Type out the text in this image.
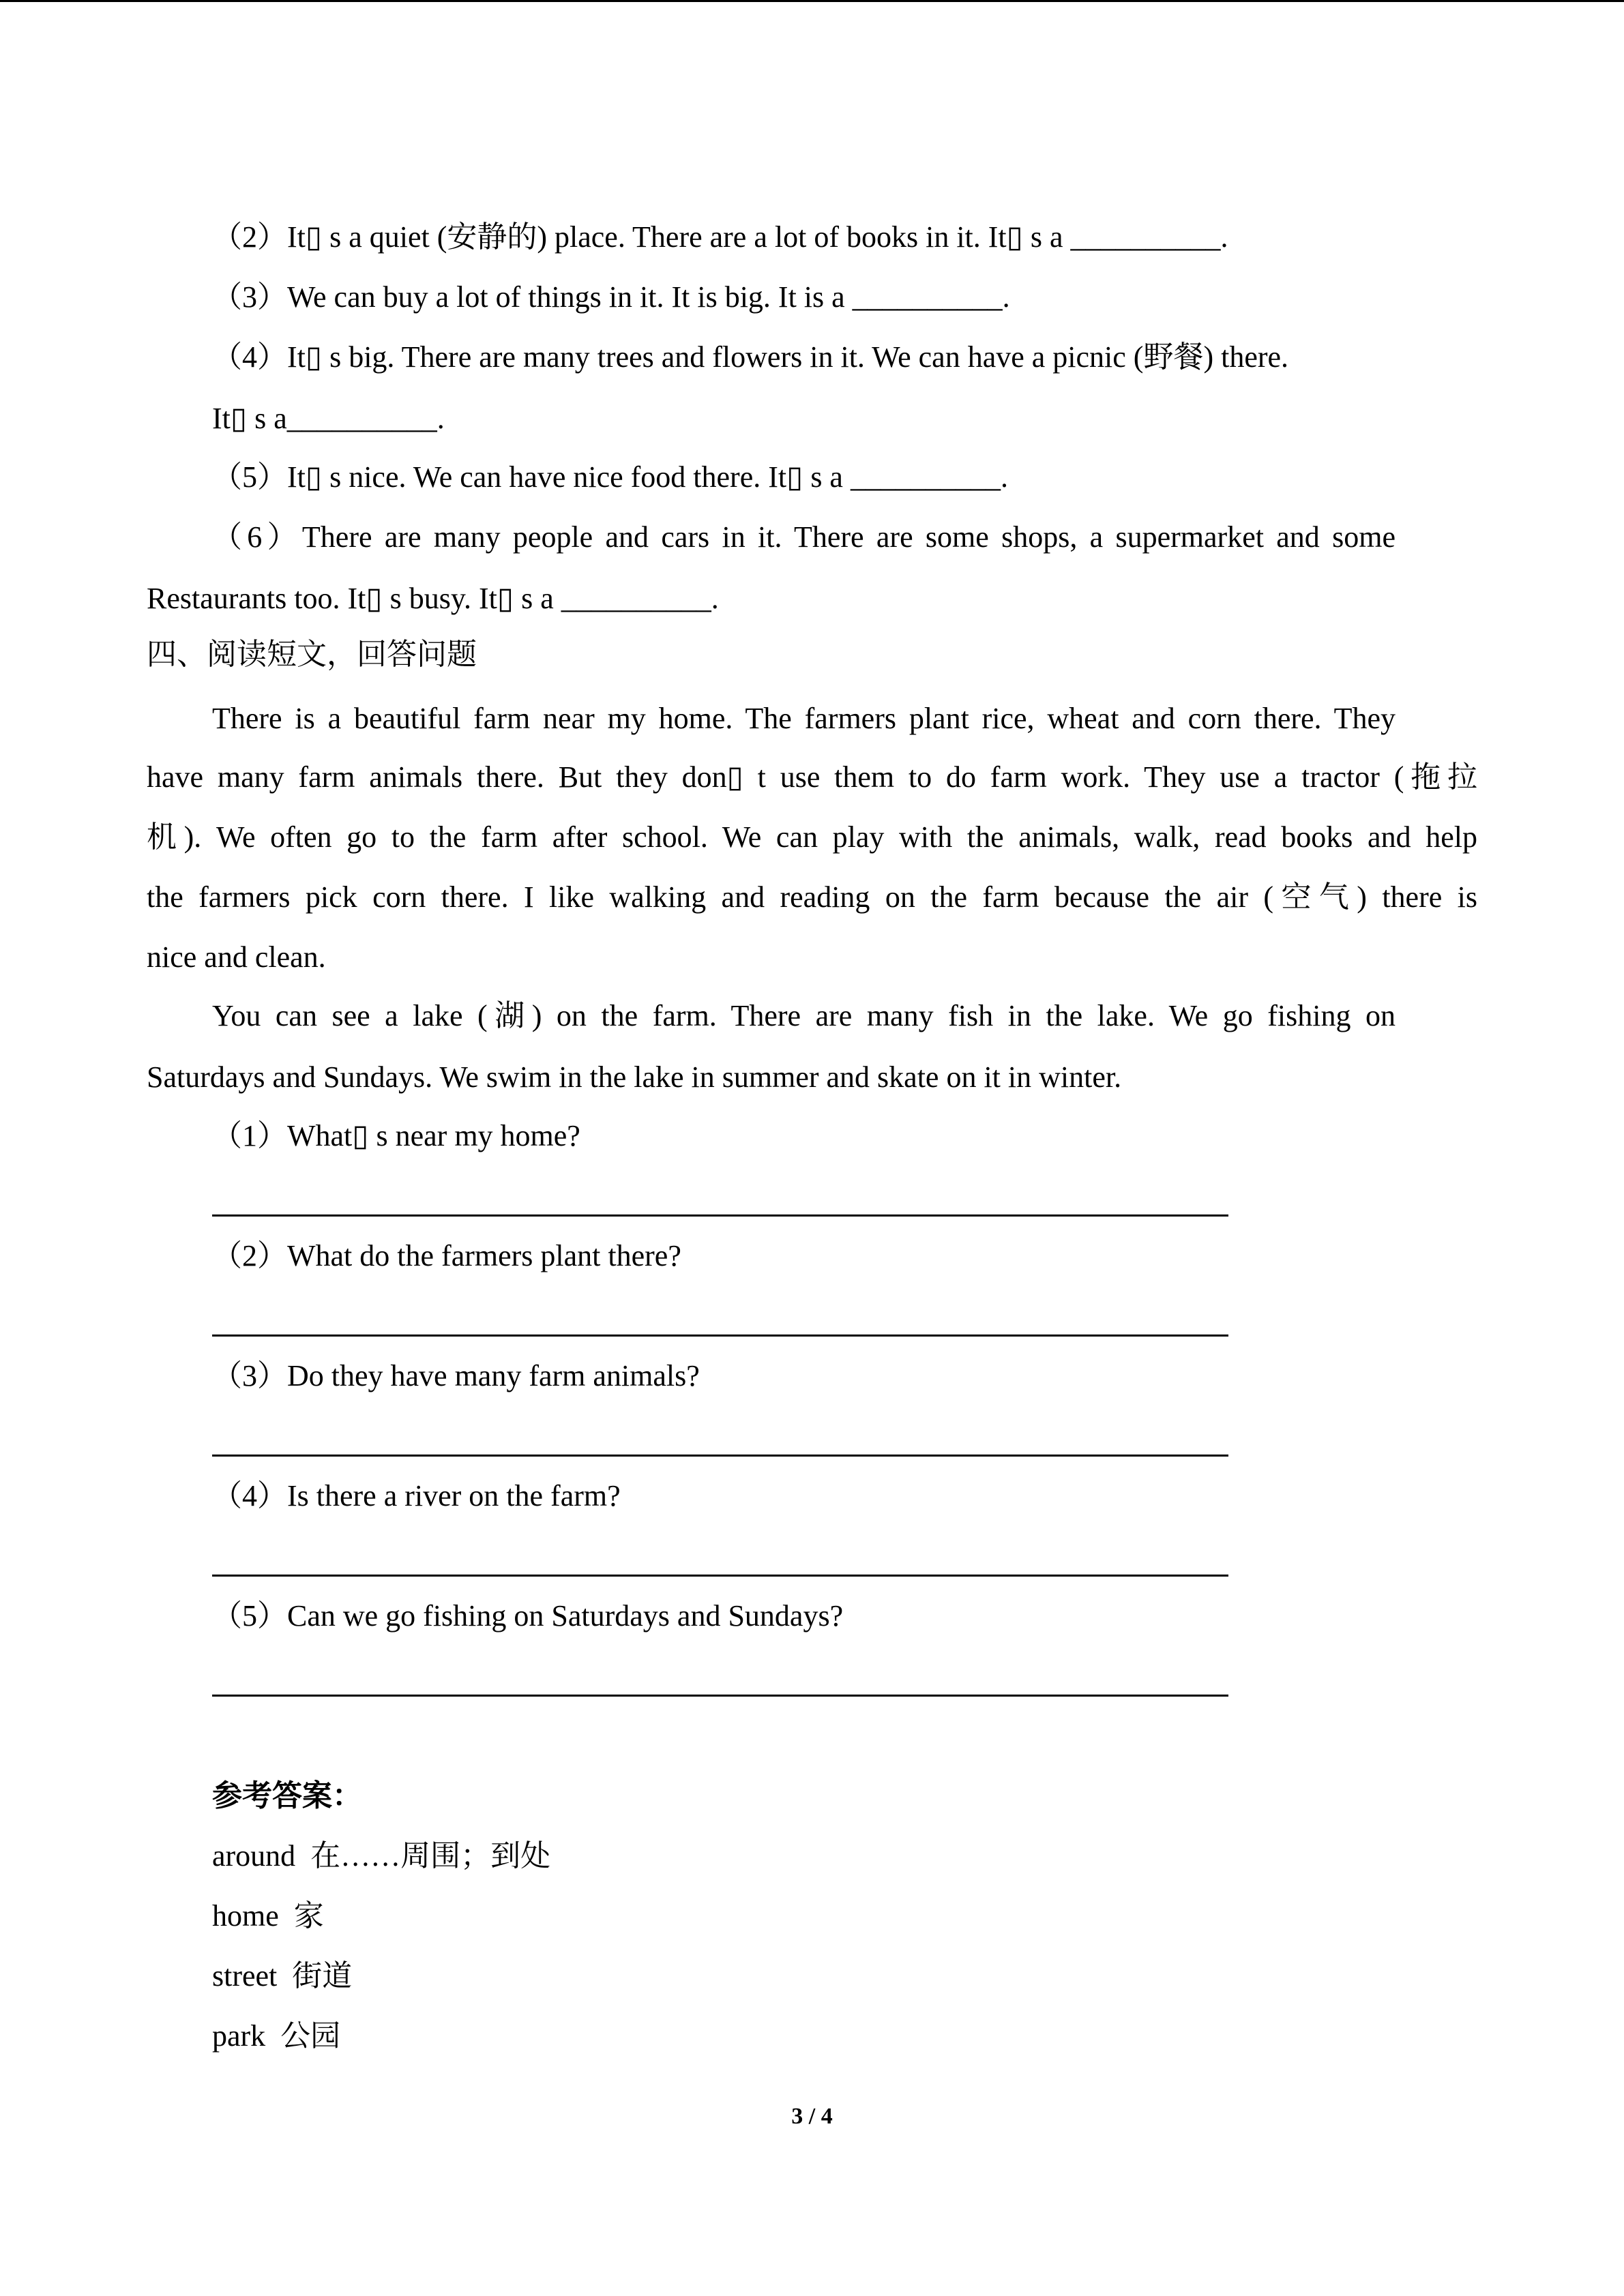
（2）It▯ s a quiet (安静的) place. There are a lot of books in it. It▯ s a __________.
（3）We can buy a lot of things in it. It is big. It is a __________.
（4）It▯ s big. There are many trees and flowers in it. We can have a picnic (野餐) there.
It▯ s a__________.
（5）It▯ s nice. We can have nice food there. It▯ s a __________.
（6）There are many people and cars in it. There are some shops, a supermarket and some
Restaurants too. It▯ s busy. It▯ s a __________.
四、阅读短文，回答问题
There is a beautiful farm near my home. The farmers plant rice, wheat and corn there. They
have many farm animals there. But they don▯ t use them to do farm work. They use a tractor (拖拉
机). We often go to the farm after school. We can play with the animals, walk, read books and help
the farmers pick corn there. I like walking and reading on the farm because the air (空气) there is
nice and clean.
You can see a lake (湖) on the farm. There are many fish in the lake. We go fishing on
Saturdays and Sundays. We swim in the lake in summer and skate on it in winter.
（1）What▯ s near my home?
（2）What do the farmers plant there?
（3）Do they have many farm animals?
（4）Is there a river on the farm?
（5）Can we go fishing on Saturdays and Sundays?
参考答案：
around  在……周围；到处
home  家
street  街道
park  公园
3 / 4
